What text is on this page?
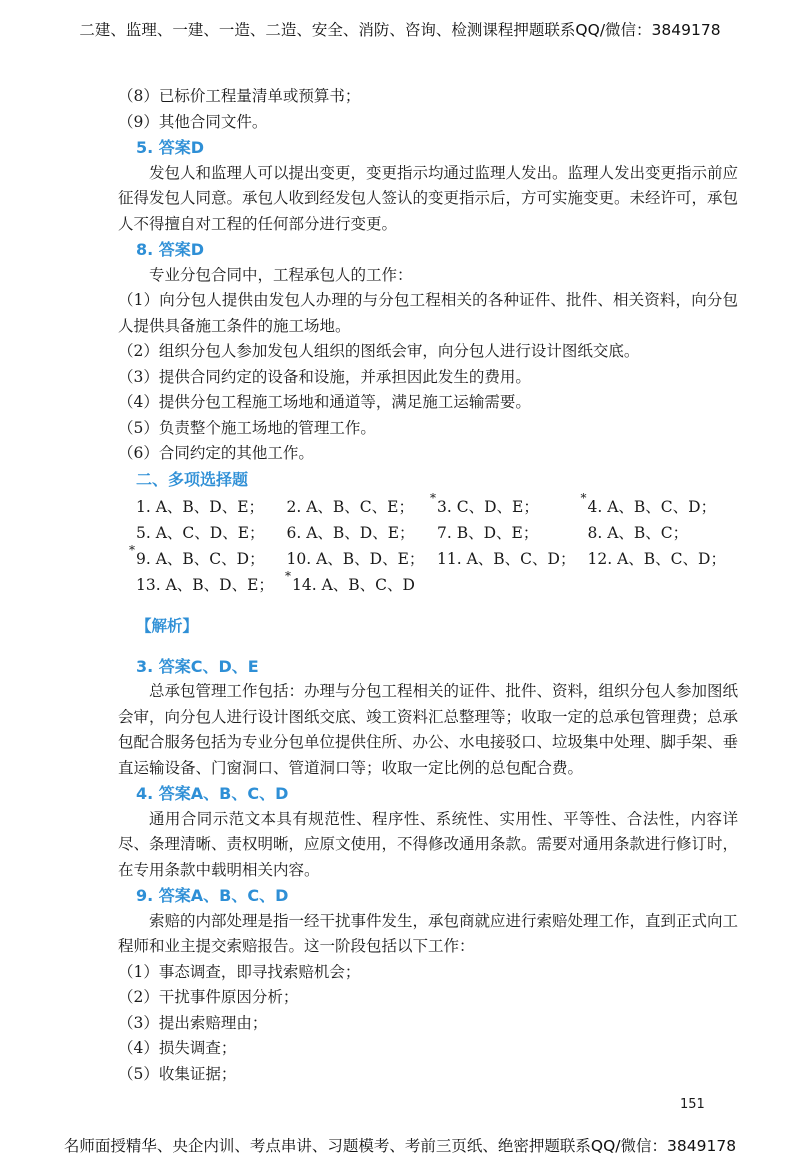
二建、监理、一建、一造、二造、安全、消防、咨询、检测课程押题联系QQ/微信：3849178

（8）已标价工程量清单或预算书；

（9）其他合同文件。

5. 答案D

发包人和监理人可以提出变更，变更指示均通过监理人发出。监理人发出变更指示前应征得发包人同意。承包人收到经发包人签认的变更指示后，方可实施变更。未经许可，承包人不得擅自对工程的任何部分进行变更。

8. 答案D

专业分包合同中，工程承包人的工作：

（1）向分包人提供由发包人办理的与分包工程相关的各种证件、批件、相关资料，向分包人提供具备施工条件的施工场地。

（2）组织分包人参加发包人组织的图纸会审，向分包人进行设计图纸交底。

（3）提供合同约定的设备和设施，并承担因此发生的费用。

（4）提供分包工程施工场地和通道等，满足施工运输需要。

（5）负责整个施工场地的管理工作。

（6）合同约定的其他工作。

二、多项选择题

1. A、B、D、E；	2. A、B、C、E；	* 3. C、D、E；	* 4. A、B、C、D；
5. A、C、D、E；	6. A、B、D、E；	7. B、D、E；	8. A、B、C；
* 9. A、B、C、D；	10. A、B、D、E； 11. A、B、C、D； 12. A、B、C、D；
13. A、B、D、E； * 14. A、B、C、D

【解析】

3. 答案C、D、E

总承包管理工作包括：办理与分包工程相关的证件、批件、资料，组织分包人参加图纸会审，向分包人进行设计图纸交底、竣工资料汇总整理等；收取一定的总承包管理费；总承包配合服务包括为专业分包单位提供住所、办公、水电接驳口、垃圾集中处理、脚手架、垂直运输设备、门窗洞口、管道洞口等；收取一定比例的总包配合费。

4. 答案A、B、C、D

通用合同示范文本具有规范性、程序性、系统性、实用性、平等性、合法性，内容详尽、条理清晰、责权明晰，应原文使用，不得修改通用条款。需要对通用条款进行修订时，在专用条款中载明相关内容。

9. 答案A、B、C、D

索赔的内部处理是指一经干扰事件发生，承包商就应进行索赔处理工作，直到正式向工程师和业主提交索赔报告。这一阶段包括以下工作：

（1）事态调查，即寻找索赔机会；

（2）干扰事件原因分析；

（3）提出索赔理由；

（4）损失调查；

（5）收集证据；

151
名师面授精华、央企内训、考点串讲、习题模考、考前三页纸、绝密押题联系QQ/微信：3849178
